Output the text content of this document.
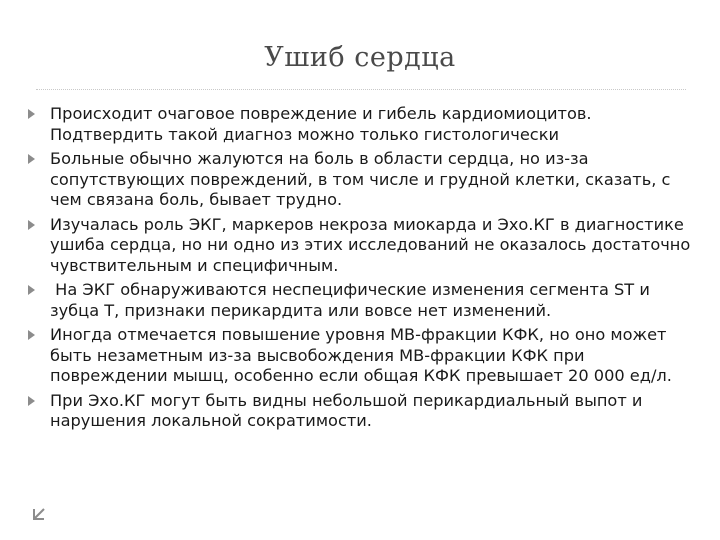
Ушиб сердца
Происходит очаговое повреждение и гибель кардиомиоцитов. Подтвердить такой диагноз можно только гистологически
Больные обычно жалуются на боль в области сердца, но из-за сопутствующих повреждений, в том числе и грудной клетки, сказать, с чем связана боль, бывает трудно.
Изучалась роль ЭКГ, маркеров некроза миокарда и Эхо.КГ в диагностике ушиба сердца, но ни одно из этих исследований не оказалось достаточно чувствительным и специфичным.
На ЭКГ обнаруживаются неспецифические изменения сегмента ST и зубца T, признаки перикардита или вовсе нет изменений.
Иногда отмечается повышение уровня MB-фракции КФК, но оно может быть незаметным из-за высвобождения MB-фракции КФК при повреждении мышц, особенно если общая КФК превышает 20 000 ед/л.
При Эхо.КГ могут быть видны небольшой перикардиальный выпот и нарушения локальной сократимости.
